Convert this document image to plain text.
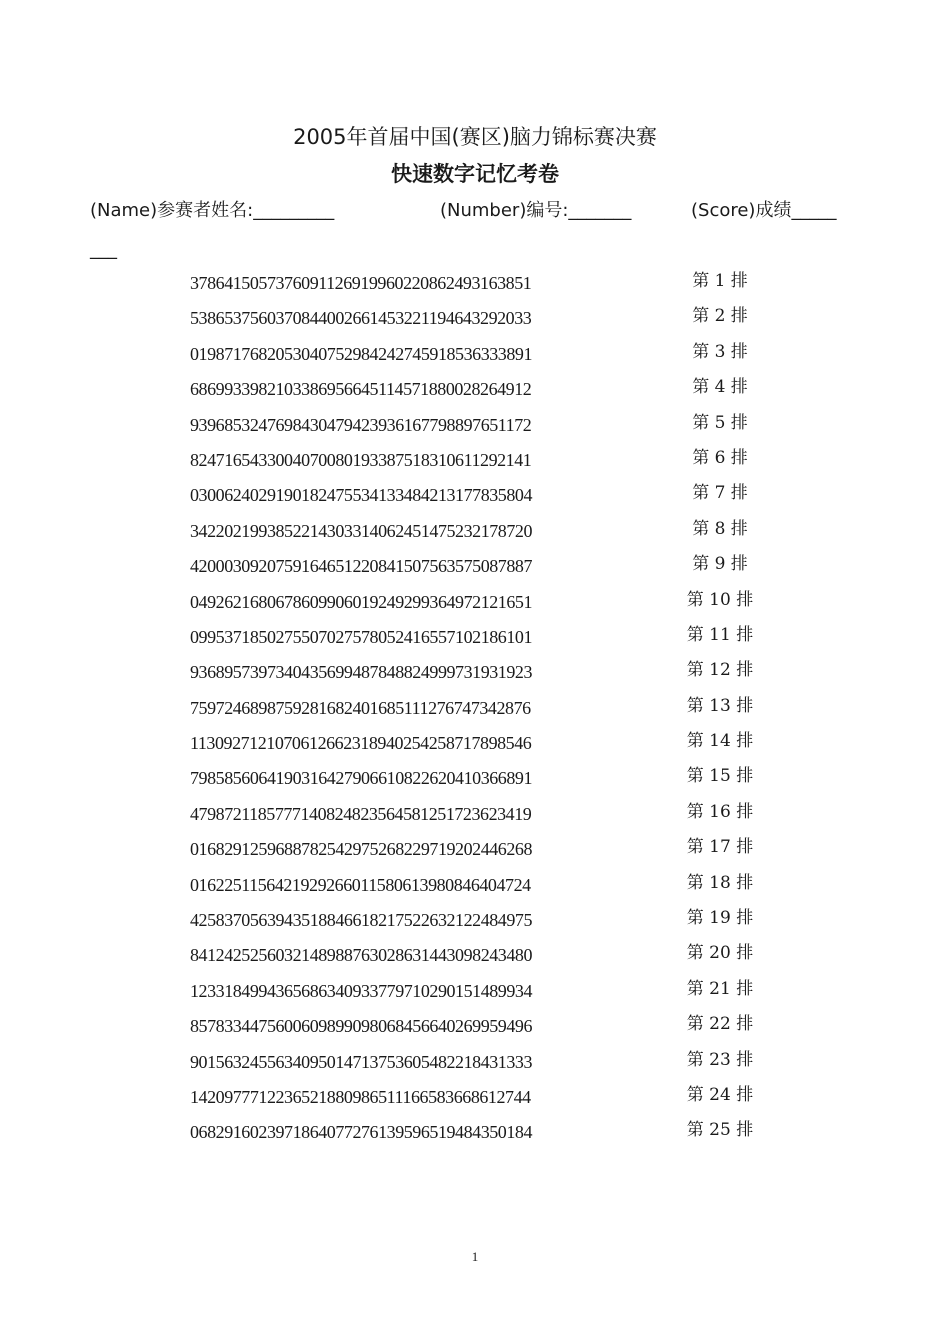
2005年首届中国(赛区)脑力锦标赛决赛
快速数字记忆考卷
(Name)参赛者姓名:_________	(Number)编号:_______	(Score)成绩_____
___
3786415057376091126919960220862493163851	第 1 排
5386537560370844002661453221194643292033	第 2 排
0198717682053040752984242745918536333891	第 3 排
6869933982103386956645114571880028264912	第 4 排
9396853247698430479423936167798897651172	第 5 排
8247165433004070080193387518310611292141	第 6 排
0300624029190182475534133484213177835804	第 7 排
3422021993852214303314062451475232178720	第 8 排
4200030920759164651220841507563575087887	第 9 排
0492621680678609906019249299364972121651	第 10 排
0995371850275507027578052416557102186101	第 11 排
9368957397340435699487848824999731931923	第 12 排
7597246898759281682401685111276747342876	第 13 排
1130927121070612662318940254258717898546	第 14 排
7985856064190316427906610822620410366891	第 15 排
4798721185777140824823564581251723623419	第 16 排
0168291259688782542975268229719202446268	第 17 排
0162251156421929266011580613980846404724	第 18 排
4258370563943518846618217522632122484975	第 19 排
8412425256032148988763028631443098243480	第 20 排
1233184994365686340933779710290151489934	第 21 排
8578334475600609899098068456640269959496	第 22 排
9015632455634095014713753605482218431333	第 23 排
1420977712236521880986511166583668612744	第 24 排
0682916023971864077276139596519484350184	第 25 排
1
